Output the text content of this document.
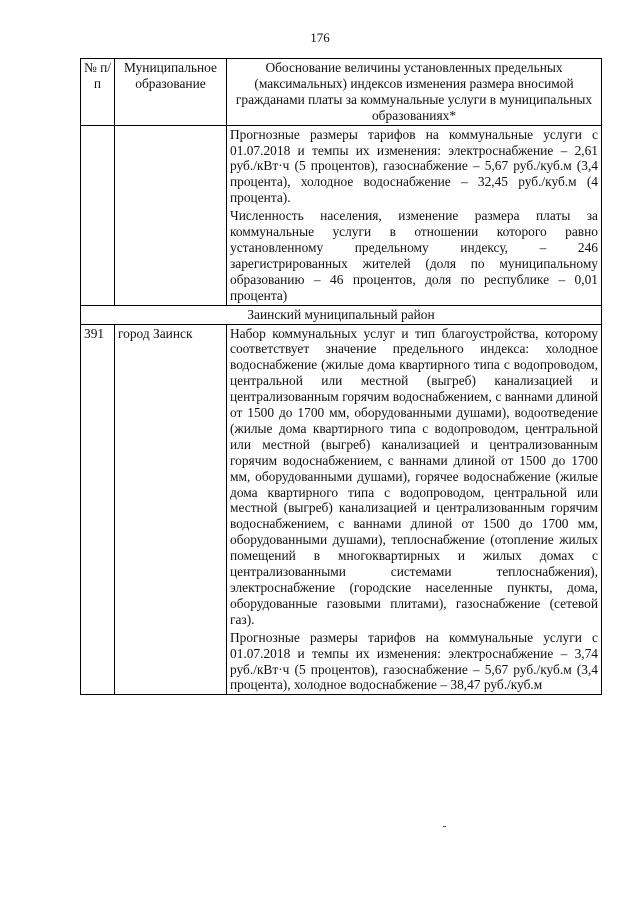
176
№ п/п	Муниципальное образование	Обоснование величины установленных предельных (максимальных) индексов изменения размера вносимой гражданами платы за коммунальные услуги в муниципальных образованиях*

		Прогнозные размеры тарифов на коммунальные услуги с 01.07.2018 и темпы их изменения: электроснабжение – 2,61 руб./кВт·ч (5 процентов), газоснабжение – 5,67 руб./куб.м (3,4 процента), холодное водоснабжение – 32,45 руб./куб.м (4 процента).

Численность населения, изменение размера платы за коммунальные услуги в отношении которого равно установленному предельному индексу, – 246 зарегистрированных жителей (доля по муниципальному образованию – 46 процентов, доля по республике – 0,01 процента)

Заинский муниципальный район		
391	город Заинск	Набор коммунальных услуг и тип благоустройства, которому соответствует значение предельного индекса: холодное водоснабжение (жилые дома квартирного типа с водопроводом, центральной или местной (выгреб) канализацией и централизованным горячим водоснабжением, с ваннами длиной от 1500 до 1700 мм, оборудованными душами), водоотведение (жилые дома квартирного типа с водопроводом, центральной или местной (выгреб) канализацией и централизованным горячим водоснабжением, с ваннами длиной от 1500 до 1700 мм, оборудованными душами), горячее водоснабжение (жилые дома квартирного типа с водопроводом, центральной или местной (выгреб) канализацией и централизованным горячим водоснабжением, с ваннами длиной от 1500 до 1700 мм, оборудованными душами), теплоснабжение (отопление жилых помещений в многоквартирных и жилых домах с централизованными системами теплоснабжения), электроснабжение (городские населенные пункты, дома, оборудованные газовыми плитами), газоснабжение (сетевой газ).

Прогнозные размеры тарифов на коммунальные услуги с 01.07.2018 и темпы их изменения: электроснабжение – 3,74 руб./кВт·ч (5 процентов), газоснабжение – 5,67 руб./куб.м (3,4 процента), холодное водоснабжение – 38,47 руб./куб.м
